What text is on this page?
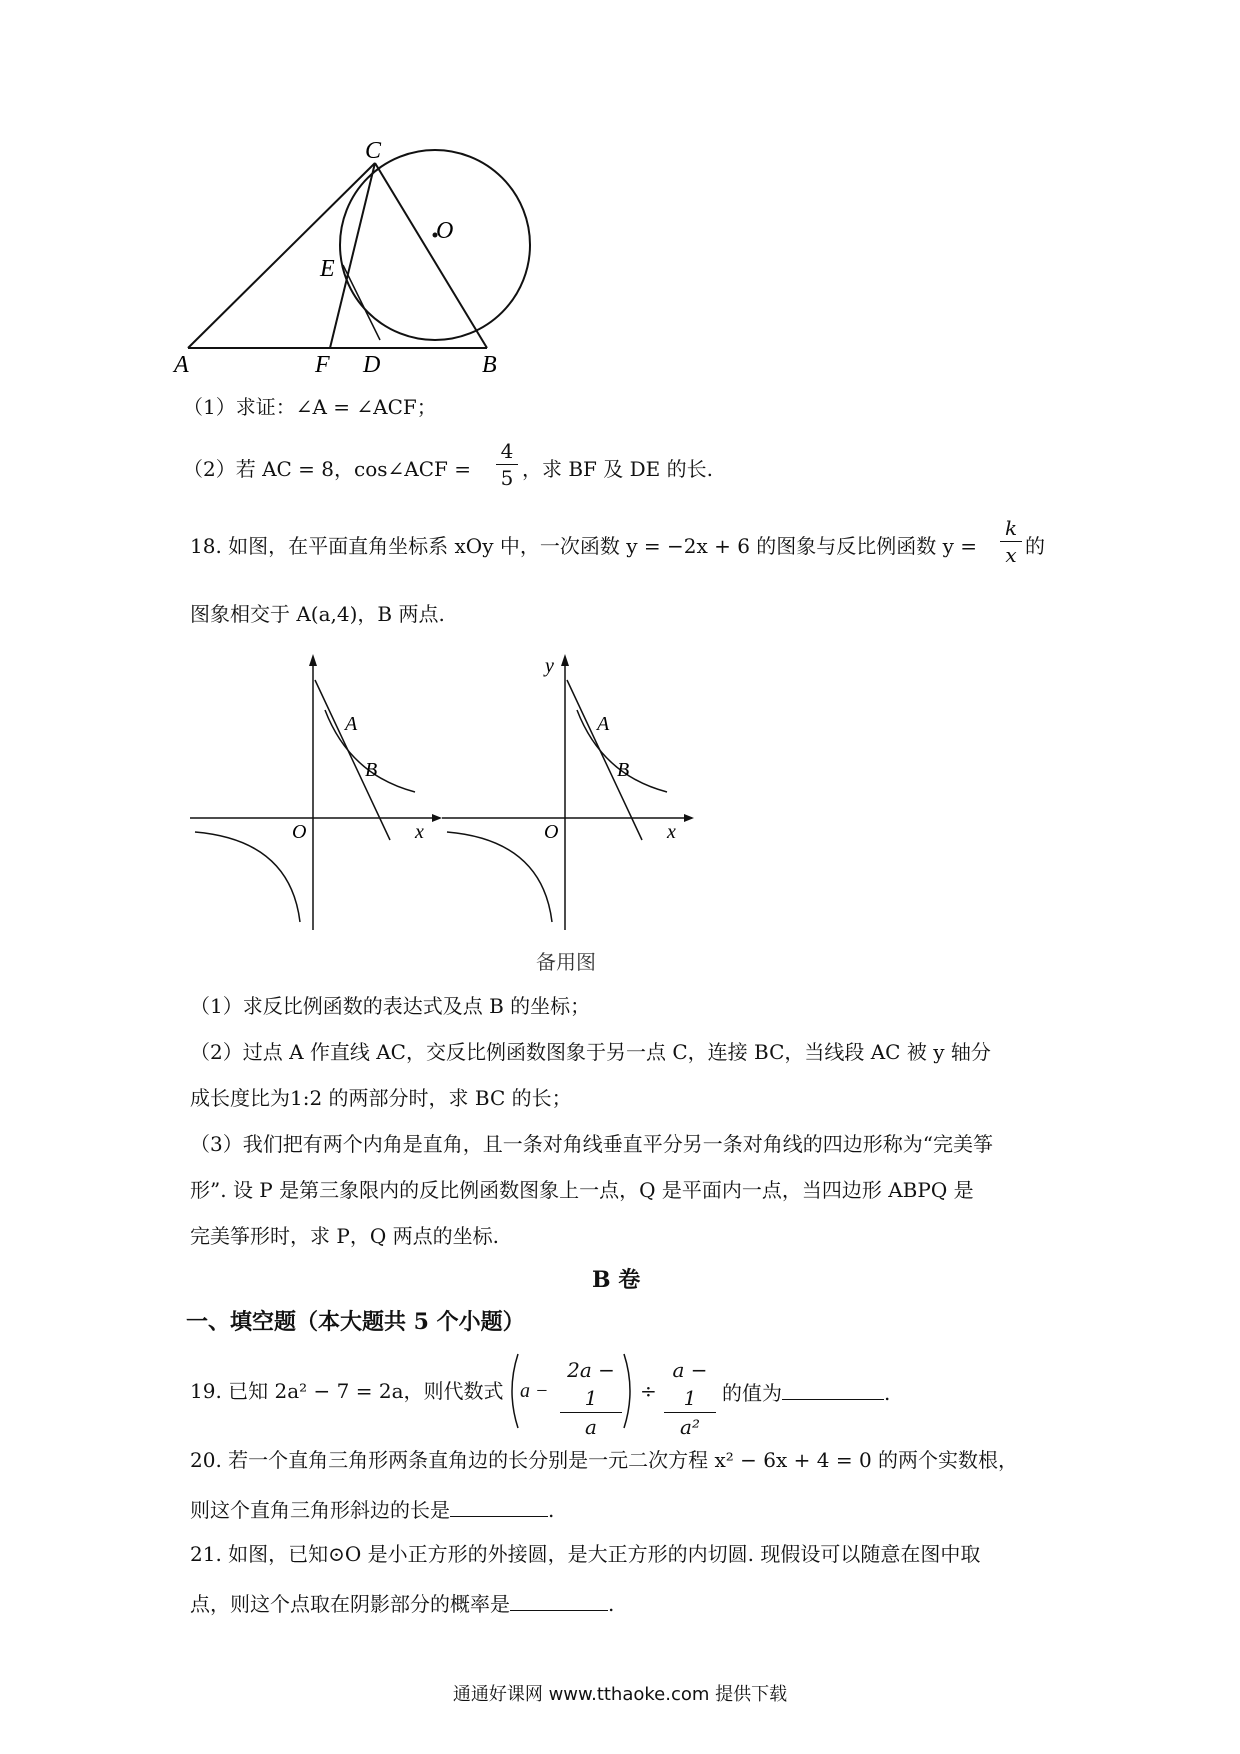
C
O
E
A	F D	B
（1）求证：∠A = ∠ACF；
（2）若 AC = 8，cos∠ACF =
4
5 ，求 BF 及 DE 的长.
18. 如图，在平面直角坐标系 xOy 中，一次函数 y = −2x + 6 的图象与反比例函数 y =
k
x 的
图象相交于 A(a,4)，B 两点.
A
B
O	x
y
A
B
O	x
备用图
（1）求反比例函数的表达式及点 B 的坐标；
（2）过点 A 作直线 AC，交反比例函数图象于另一点 C，连接 BC，当线段 AC 被 y 轴分
成长度比为1:2 的两部分时，求 BC 的长；
（3）我们把有两个内角是直角，且一条对角线垂直平分另一条对角线的四边形称为“完美筝
形”. 设 P 是第三象限内的反比例函数图象上一点，Q 是平面内一点，当四边形 ABPQ 是
完美筝形时，求 P，Q 两点的坐标.
B 卷
一、填空题（本大题共 5 个小题）
19. 已知 2a² − 7 = 2a，则代数式 a −
2a − 1
a
÷
a − 1
a²
的值为	.
20. 若一个直角三角形两条直角边的长分别是一元二次方程 x² − 6x + 4 = 0 的两个实数根，
则这个直角三角形斜边的长是	.
21. 如图，已知⊙O 是小正方形的外接圆，是大正方形的内切圆. 现假设可以随意在图中取
点，则这个点取在阴影部分的概率是	.
通通好课网 www.tthaoke.com 提供下载
